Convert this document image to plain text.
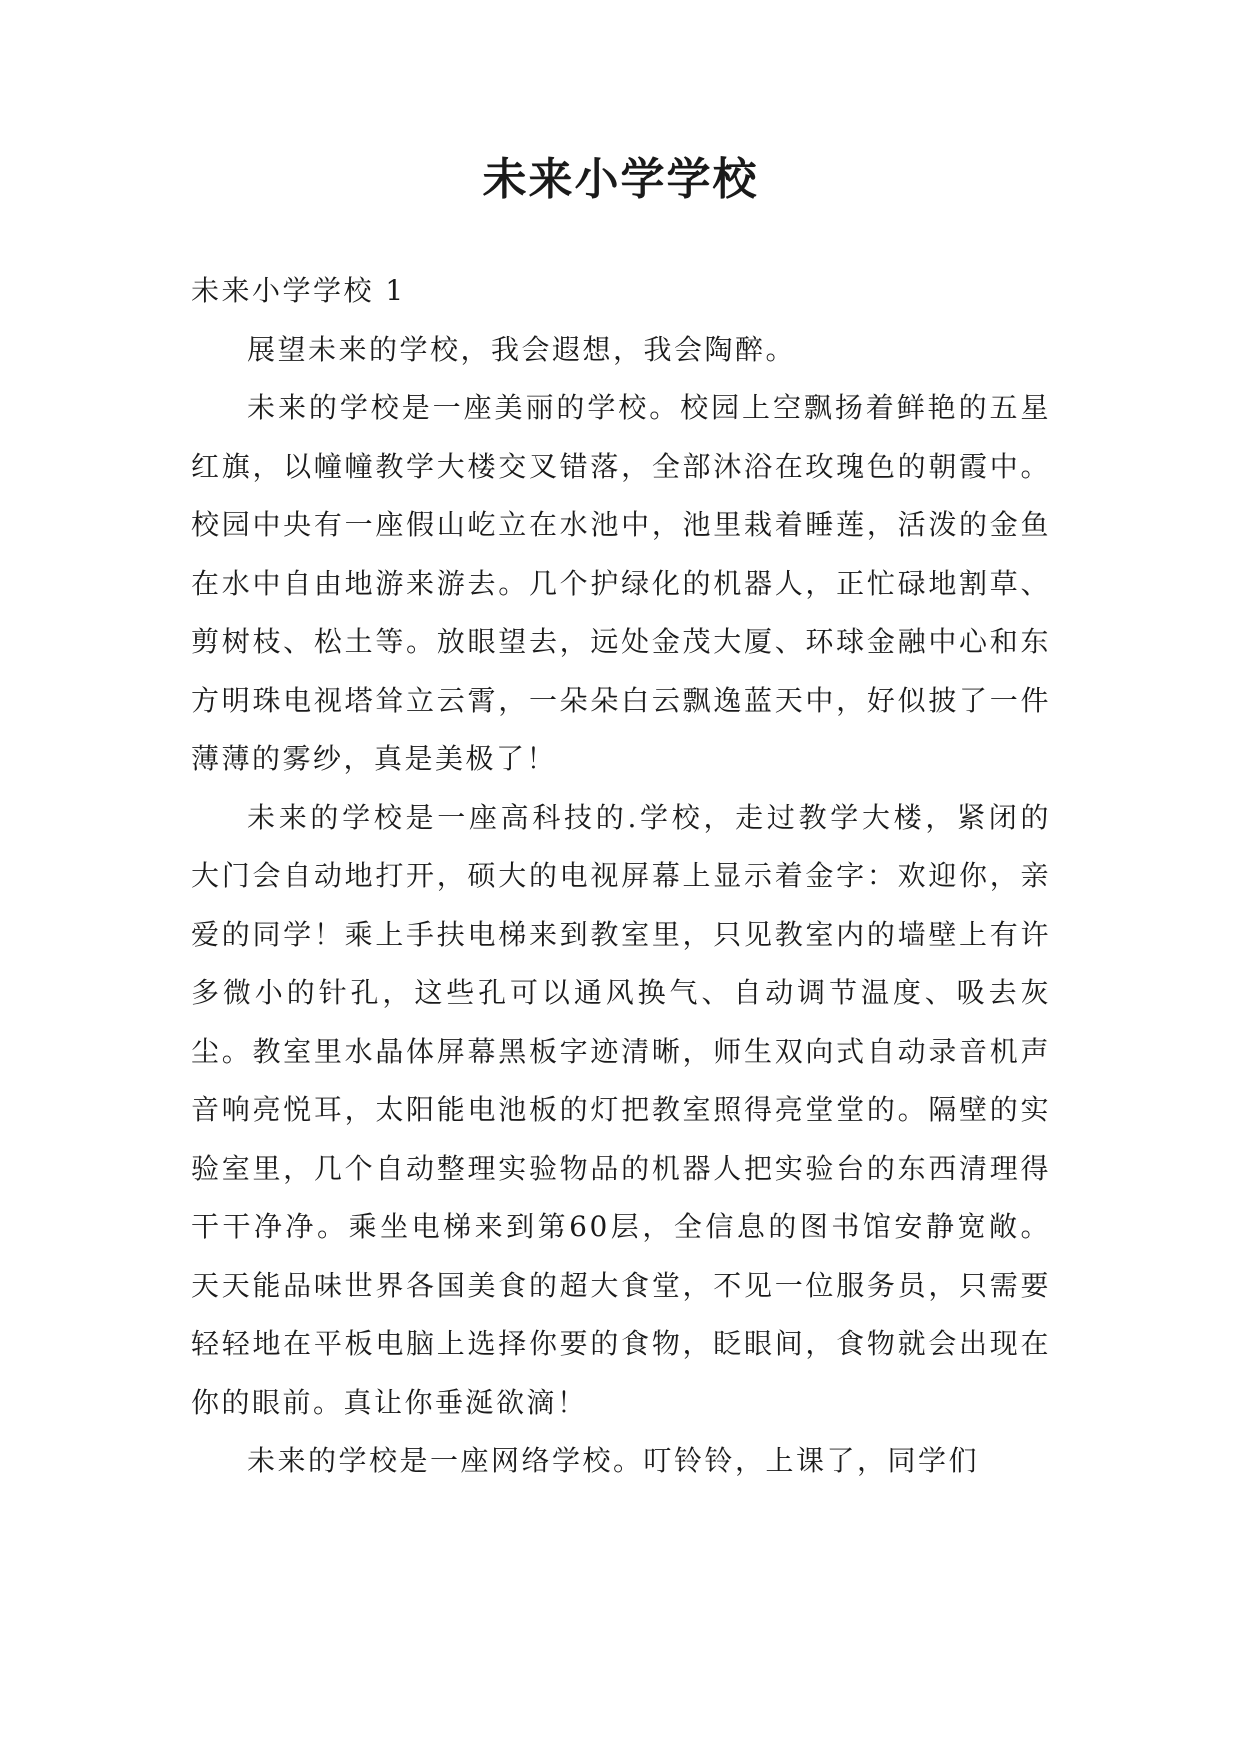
未来小学学校

未来小学学校 1

展望未来的学校，我会遐想，我会陶醉。

未来的学校是一座美丽的学校。校园上空飘扬着鲜艳的五星红旗，以幢幢教学大楼交叉错落，全部沐浴在玫瑰色的朝霞中。校园中央有一座假山屹立在水池中，池里栽着睡莲，活泼的金鱼在水中自由地游来游去。几个护绿化的机器人，正忙碌地割草、剪树枝、松土等。放眼望去，远处金茂大厦、环球金融中心和东方明珠电视塔耸立云霄，一朵朵白云飘逸蓝天中，好似披了一件薄薄的雾纱，真是美极了！

未来的学校是一座高科技的.学校，走过教学大楼，紧闭的大门会自动地打开，硕大的电视屏幕上显示着金字：欢迎你，亲爱的同学！乘上手扶电梯来到教室里，只见教室内的墙壁上有许多微小的针孔，这些孔可以通风换气、自动调节温度、吸去灰尘。教室里水晶体屏幕黑板字迹清晰，师生双向式自动录音机声音响亮悦耳，太阳能电池板的灯把教室照得亮堂堂的。隔壁的实验室里，几个自动整理实验物品的机器人把实验台的东西清理得干干净净。乘坐电梯来到第60层，全信息的图书馆安静宽敞。天天能品味世界各国美食的超大食堂，不见一位服务员，只需要轻轻地在平板电脑上选择你要的食物，眨眼间，食物就会出现在你的眼前。真让你垂涎欲滴！

未来的学校是一座网络学校。叮铃铃，上课了，同学们
